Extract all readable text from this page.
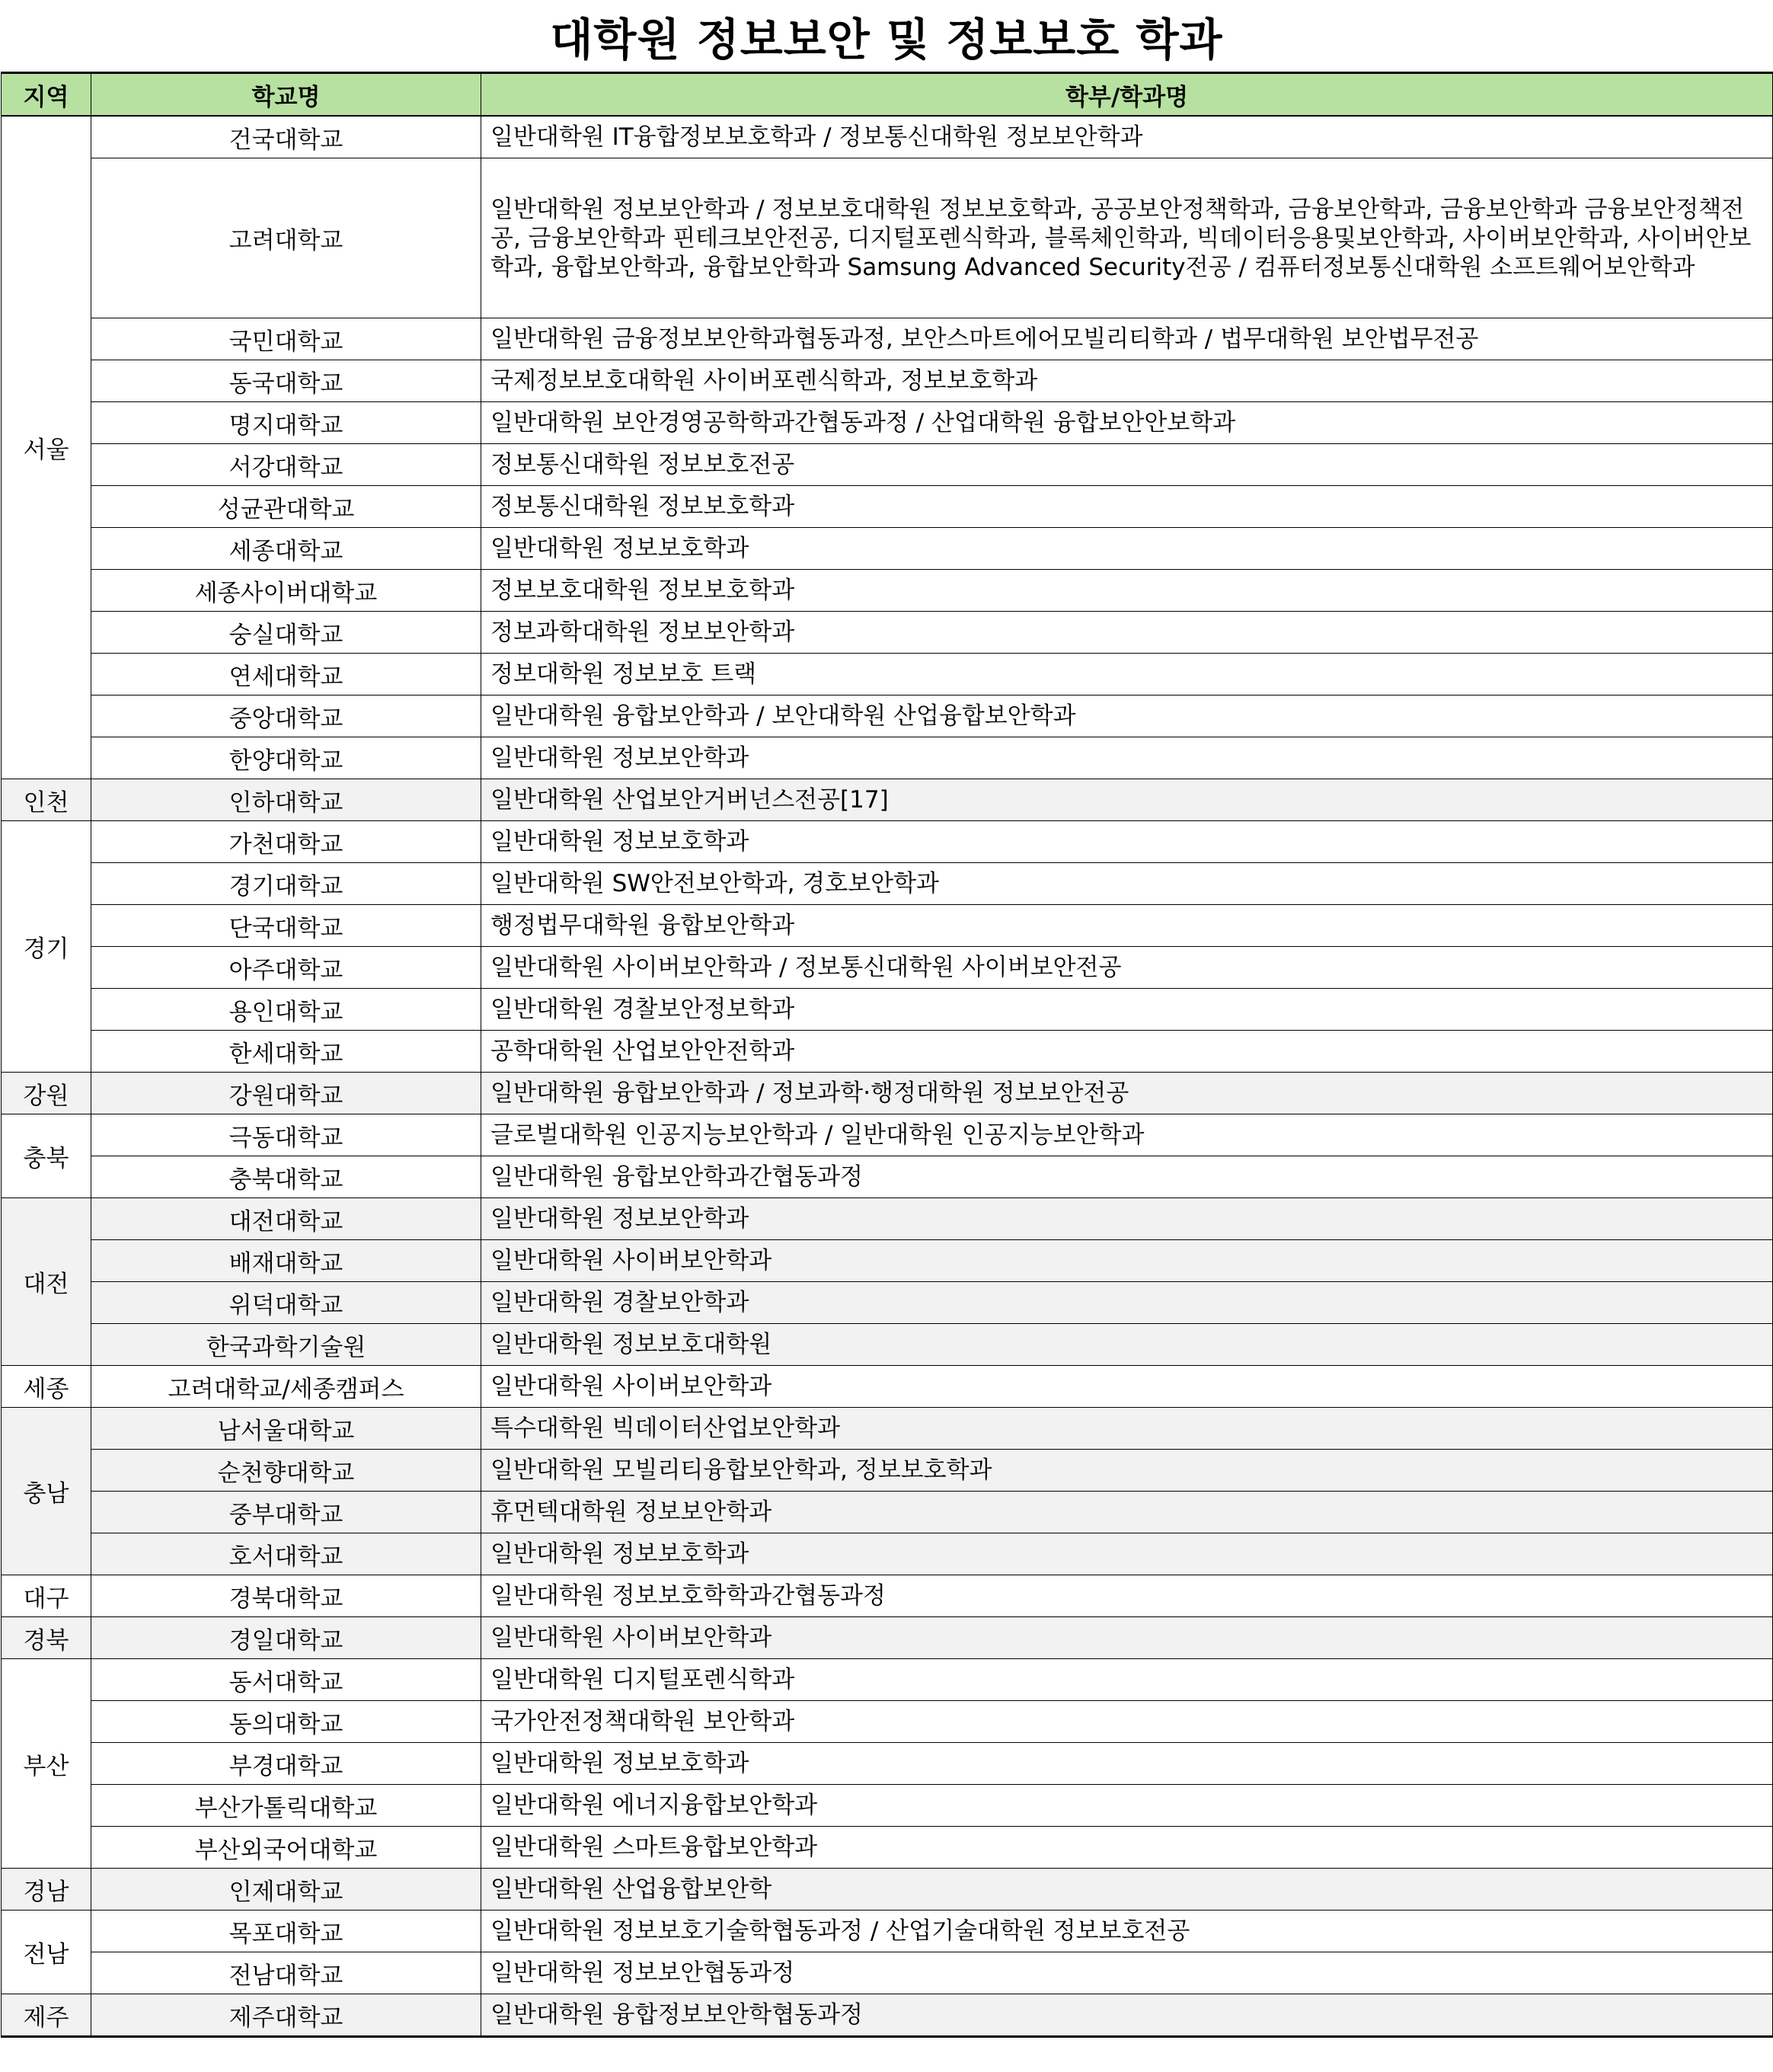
대학원 정보보안 및 정보보호 학과
지역	학교명	학부/학과명
서울	건국대학교	일반대학원 IT융합정보보호학과 / 정보통신대학원 정보보안학과
	고려대학교	일반대학원 정보보안학과 / 정보보호대학원 정보보호학과, 공공보안정책학과, 금융보안학과, 금융보안학과 금융보안정책전공, 금융보안학과 핀테크보안전공, 디지털포렌식학과, 블록체인학과, 빅데이터응용및보안학과, 사이버보안학과, 사이버안보학과, 융합보안학과, 융합보안학과 Samsung Advanced Security전공 / 컴퓨터정보통신대학원 소프트웨어보안학과
	국민대학교	일반대학원 금융정보보안학과협동과정, 보안스마트에어모빌리티학과 / 법무대학원 보안법무전공
	동국대학교	국제정보보호대학원 사이버포렌식학과, 정보보호학과
	명지대학교	일반대학원 보안경영공학학과간협동과정 / 산업대학원 융합보안안보학과
	서강대학교	정보통신대학원 정보보호전공
	성균관대학교	정보통신대학원 정보보호학과
	세종대학교	일반대학원 정보보호학과
	세종사이버대학교	정보보호대학원 정보보호학과
	숭실대학교	정보과학대학원 정보보안학과
	연세대학교	정보대학원 정보보호 트랙
	중앙대학교	일반대학원 융합보안학과 / 보안대학원 산업융합보안학과
	한양대학교	일반대학원 정보보안학과
인천	인하대학교	일반대학원 산업보안거버넌스전공[17]
경기	가천대학교	일반대학원 정보보호학과
	경기대학교	일반대학원 SW안전보안학과, 경호보안학과
	단국대학교	행정법무대학원 융합보안학과
	아주대학교	일반대학원 사이버보안학과 / 정보통신대학원 사이버보안전공
	용인대학교	일반대학원 경찰보안정보학과
	한세대학교	공학대학원 산업보안안전학과
강원	강원대학교	일반대학원 융합보안학과 / 정보과학·행정대학원 정보보안전공
충북	극동대학교	글로벌대학원 인공지능보안학과 / 일반대학원 인공지능보안학과
	충북대학교	일반대학원 융합보안학과간협동과정
대전	대전대학교	일반대학원 정보보안학과
	배재대학교	일반대학원 사이버보안학과
	위덕대학교	일반대학원 경찰보안학과
	한국과학기술원	일반대학원 정보보호대학원
세종	고려대학교/세종캠퍼스	일반대학원 사이버보안학과
충남	남서울대학교	특수대학원 빅데이터산업보안학과
	순천향대학교	일반대학원 모빌리티융합보안학과, 정보보호학과
	중부대학교	휴먼텍대학원 정보보안학과
	호서대학교	일반대학원 정보보호학과
대구	경북대학교	일반대학원 정보보호학학과간협동과정
경북	경일대학교	일반대학원 사이버보안학과
부산	동서대학교	일반대학원 디지털포렌식학과
	동의대학교	국가안전정책대학원 보안학과
	부경대학교	일반대학원 정보보호학과
	부산가톨릭대학교	일반대학원 에너지융합보안학과
	부산외국어대학교	일반대학원 스마트융합보안학과
경남	인제대학교	일반대학원 산업융합보안학
전남	목포대학교	일반대학원 정보보호기술학협동과정 / 산업기술대학원 정보보호전공
	전남대학교	일반대학원 정보보안협동과정
제주	제주대학교	일반대학원 융합정보보안학협동과정
